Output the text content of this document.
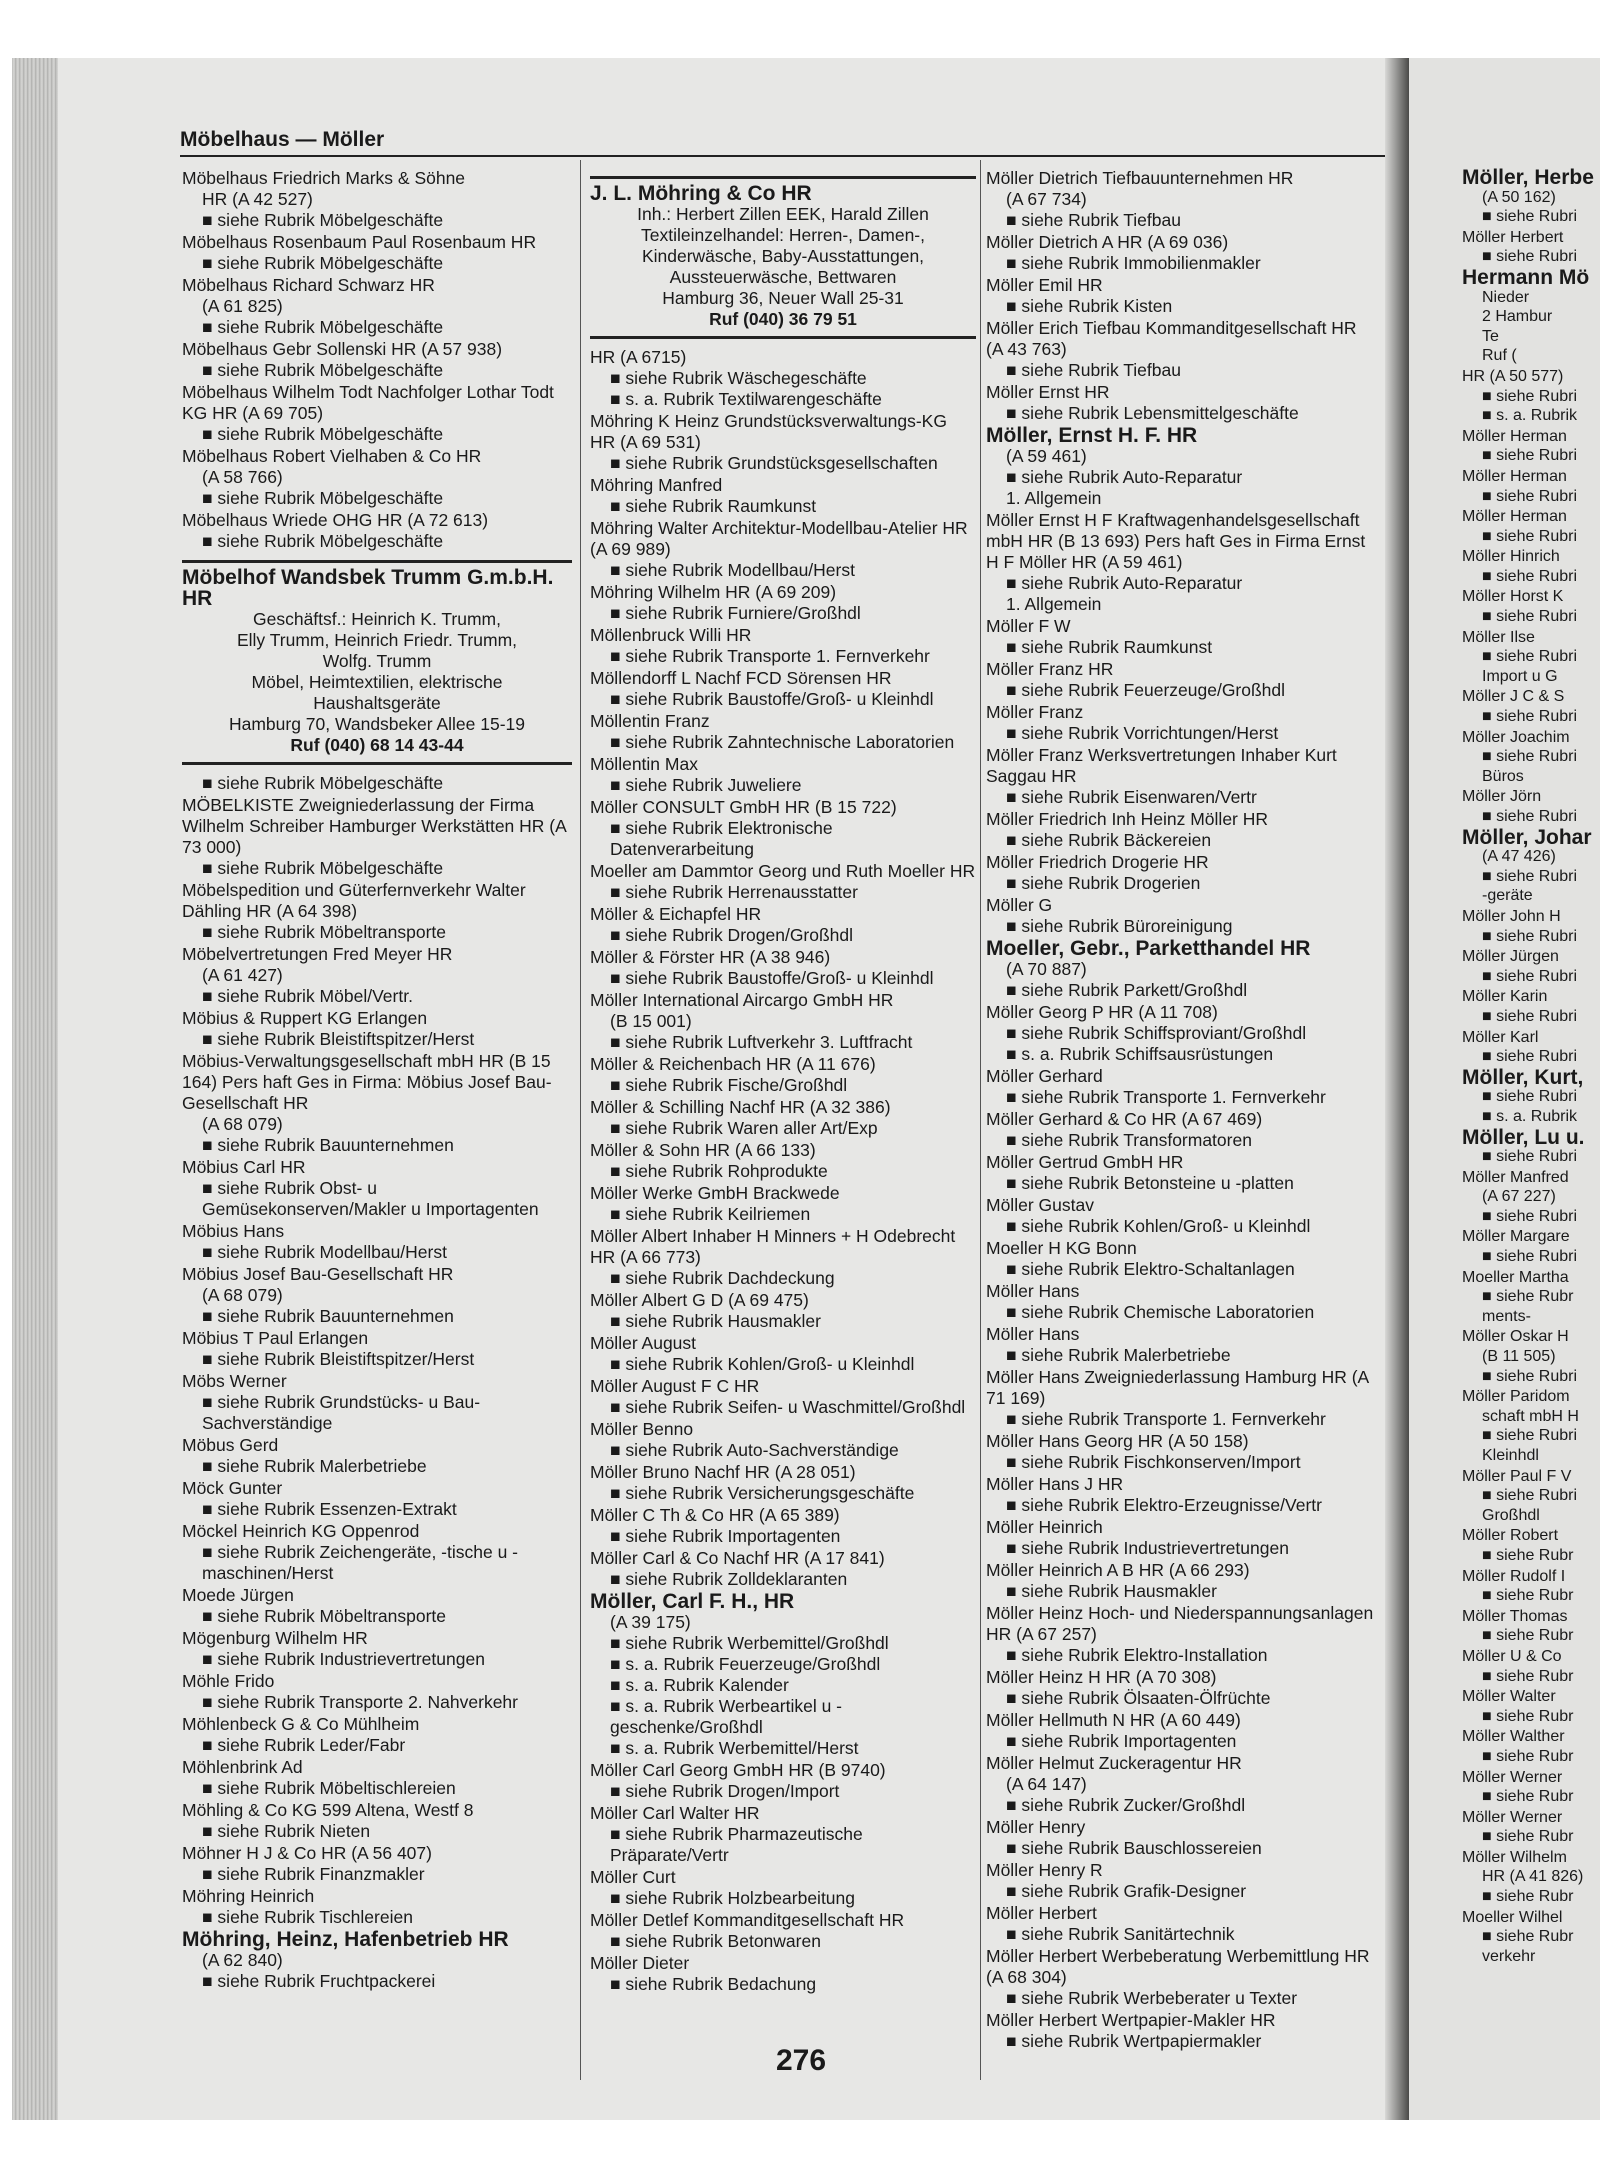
Möbelhaus — Möller
Möbelhaus Friedrich Marks & Söhne
HR (A 42 527)
■ siehe Rubrik Möbelgeschäfte
Möbelhaus Rosenbaum Paul Rosenbaum HR
■ siehe Rubrik Möbelgeschäfte
Möbelhaus Richard Schwarz HR
(A 61 825)
■ siehe Rubrik Möbelgeschäfte
Möbelhaus Gebr Sollenski HR (A 57 938)
■ siehe Rubrik Möbelgeschäfte
Möbelhaus Wilhelm Todt Nachfolger Lothar Todt KG HR (A 69 705)
■ siehe Rubrik Möbelgeschäfte
Möbelhaus Robert Vielhaben & Co HR
(A 58 766)
■ siehe Rubrik Möbelgeschäfte
Möbelhaus Wriede OHG HR (A 72 613)
■ siehe Rubrik Möbelgeschäfte
Möbelhof Wandsbek Trumm G.m.b.H. HR
Geschäftsf.: Heinrich K. Trumm,
Elly Trumm, Heinrich Friedr. Trumm,
Wolfg. Trumm
Möbel, Heimtextilien, elektrische
Haushaltsgeräte
Hamburg 70, Wandsbeker Allee 15-19
Ruf (040) 68 14 43-44
■ siehe Rubrik Möbelgeschäfte
MÖBELKISTE Zweigniederlassung der Firma Wilhelm Schreiber Hamburger Werkstätten HR (A 73 000)
■ siehe Rubrik Möbelgeschäfte
Möbelspedition und Güterfernverkehr Walter Dähling HR (A 64 398)
■ siehe Rubrik Möbeltransporte
Möbelvertretungen Fred Meyer HR
(A 61 427)
■ siehe Rubrik Möbel/Vertr.
Möbius & Ruppert KG Erlangen
■ siehe Rubrik Bleistiftspitzer/Herst
Möbius-Verwaltungsgesellschaft mbH HR (B 15 164) Pers haft Ges in Firma: Möbius Josef Bau-Gesellschaft HR
(A 68 079)
■ siehe Rubrik Bauunternehmen
Möbius Carl HR
■ siehe Rubrik Obst- u Gemüsekonserven/Makler u Importagenten
Möbius Hans
■ siehe Rubrik Modellbau/Herst
Möbius Josef Bau-Gesellschaft HR
(A 68 079)
■ siehe Rubrik Bauunternehmen
Möbius T Paul Erlangen
■ siehe Rubrik Bleistiftspitzer/Herst
Möbs Werner
■ siehe Rubrik Grundstücks- u Bau-Sachverständige
Möbus Gerd
■ siehe Rubrik Malerbetriebe
Möck Gunter
■ siehe Rubrik Essenzen-Extrakt
Möckel Heinrich KG Oppenrod
■ siehe Rubrik Zeichengeräte, -tische u -maschinen/Herst
Moede Jürgen
■ siehe Rubrik Möbeltransporte
Mögenburg Wilhelm HR
■ siehe Rubrik Industrievertretungen
Möhle Frido
■ siehe Rubrik Transporte 2. Nahverkehr
Möhlenbeck G & Co Mühlheim
■ siehe Rubrik Leder/Fabr
Möhlenbrink Ad
■ siehe Rubrik Möbeltischlereien
Möhling & Co KG 599 Altena, Westf 8
■ siehe Rubrik Nieten
Möhner H J & Co HR (A 56 407)
■ siehe Rubrik Finanzmakler
Möhring Heinrich
■ siehe Rubrik Tischlereien
Möhring, Heinz, Hafenbetrieb HR
(A 62 840)
■ siehe Rubrik Fruchtpackerei
J. L. Möhring & Co HR
Inh.: Herbert Zillen EEK, Harald Zillen
Textileinzelhandel: Herren-, Damen-,
Kinderwäsche, Baby-Ausstattungen,
Aussteuerwäsche, Bettwaren
Hamburg 36, Neuer Wall 25-31
Ruf (040) 36 79 51
HR (A 6715)
■ siehe Rubrik Wäschegeschäfte
■ s. a. Rubrik Textilwarengeschäfte
Möhring K Heinz Grundstücksverwaltungs-KG HR (A 69 531)
■ siehe Rubrik Grundstücksgesellschaften
Möhring Manfred
■ siehe Rubrik Raumkunst
Möhring Walter Architektur-Modellbau-Atelier HR (A 69 989)
■ siehe Rubrik Modellbau/Herst
Möhring Wilhelm HR (A 69 209)
■ siehe Rubrik Furniere/Großhdl
Möllenbruck Willi HR
■ siehe Rubrik Transporte 1. Fernverkehr
Möllendorff L Nachf FCD Sörensen HR
■ siehe Rubrik Baustoffe/Groß- u Kleinhdl
Möllentin Franz
■ siehe Rubrik Zahntechnische Laboratorien
Möllentin Max
■ siehe Rubrik Juweliere
Möller CONSULT GmbH HR (B 15 722)
■ siehe Rubrik Elektronische Datenverarbeitung
Moeller am Dammtor Georg und Ruth Moeller HR
■ siehe Rubrik Herrenausstatter
Möller & Eichapfel HR
■ siehe Rubrik Drogen/Großhdl
Möller & Förster HR (A 38 946)
■ siehe Rubrik Baustoffe/Groß- u Kleinhdl
Möller International Aircargo GmbH HR
(B 15 001)
■ siehe Rubrik Luftverkehr 3. Luftfracht
Möller & Reichenbach HR (A 11 676)
■ siehe Rubrik Fische/Großhdl
Möller & Schilling Nachf HR (A 32 386)
■ siehe Rubrik Waren aller Art/Exp
Möller & Sohn HR (A 66 133)
■ siehe Rubrik Rohprodukte
Möller Werke GmbH Brackwede
■ siehe Rubrik Keilriemen
Möller Albert Inhaber H Minners + H Odebrecht HR (A 66 773)
■ siehe Rubrik Dachdeckung
Möller Albert G D (A 69 475)
■ siehe Rubrik Hausmakler
Möller August
■ siehe Rubrik Kohlen/Groß- u Kleinhdl
Möller August F C HR
■ siehe Rubrik Seifen- u Waschmittel/Großhdl
Möller Benno
■ siehe Rubrik Auto-Sachverständige
Möller Bruno Nachf HR (A 28 051)
■ siehe Rubrik Versicherungsgeschäfte
Möller C Th & Co HR (A 65 389)
■ siehe Rubrik Importagenten
Möller Carl & Co Nachf HR (A 17 841)
■ siehe Rubrik Zolldeklaranten
Möller, Carl F. H., HR
(A 39 175)
■ siehe Rubrik Werbemittel/Großhdl
■ s. a. Rubrik Feuerzeuge/Großhdl
■ s. a. Rubrik Kalender
■ s. a. Rubrik Werbeartikel u -geschenke/Großhdl
■ s. a. Rubrik Werbemittel/Herst
Möller Carl Georg GmbH HR (B 9740)
■ siehe Rubrik Drogen/Import
Möller Carl Walter HR
■ siehe Rubrik Pharmazeutische Präparate/Vertr
Möller Curt
■ siehe Rubrik Holzbearbeitung
Möller Detlef Kommanditgesellschaft HR
■ siehe Rubrik Betonwaren
Möller Dieter
■ siehe Rubrik Bedachung
Möller Dietrich Tiefbauunternehmen HR
(A 67 734)
■ siehe Rubrik Tiefbau
Möller Dietrich A HR (A 69 036)
■ siehe Rubrik Immobilienmakler
Möller Emil HR
■ siehe Rubrik Kisten
Möller Erich Tiefbau Kommanditgesellschaft HR (A 43 763)
■ siehe Rubrik Tiefbau
Möller Ernst HR
■ siehe Rubrik Lebensmittelgeschäfte
Möller, Ernst H. F. HR
(A 59 461)
■ siehe Rubrik Auto-Reparatur
1. Allgemein
Möller Ernst H F Kraftwagenhandelsgesellschaft mbH HR (B 13 693) Pers haft Ges in Firma Ernst H F Möller HR (A 59 461)
■ siehe Rubrik Auto-Reparatur
1. Allgemein
Möller F W
■ siehe Rubrik Raumkunst
Möller Franz HR
■ siehe Rubrik Feuerzeuge/Großhdl
Möller Franz
■ siehe Rubrik Vorrichtungen/Herst
Möller Franz Werksvertretungen Inhaber Kurt Saggau HR
■ siehe Rubrik Eisenwaren/Vertr
Möller Friedrich Inh Heinz Möller HR
■ siehe Rubrik Bäckereien
Möller Friedrich Drogerie HR
■ siehe Rubrik Drogerien
Möller G
■ siehe Rubrik Büroreinigung
Moeller, Gebr., Parketthandel HR
(A 70 887)
■ siehe Rubrik Parkett/Großhdl
Möller Georg P HR (A 11 708)
■ siehe Rubrik Schiffsproviant/Großhdl
■ s. a. Rubrik Schiffsausrüstungen
Möller Gerhard
■ siehe Rubrik Transporte 1. Fernverkehr
Möller Gerhard & Co HR (A 67 469)
■ siehe Rubrik Transformatoren
Möller Gertrud GmbH HR
■ siehe Rubrik Betonsteine u -platten
Möller Gustav
■ siehe Rubrik Kohlen/Groß- u Kleinhdl
Moeller H KG Bonn
■ siehe Rubrik Elektro-Schaltanlagen
Möller Hans
■ siehe Rubrik Chemische Laboratorien
Möller Hans
■ siehe Rubrik Malerbetriebe
Möller Hans Zweigniederlassung Hamburg HR (A 71 169)
■ siehe Rubrik Transporte 1. Fernverkehr
Möller Hans Georg HR (A 50 158)
■ siehe Rubrik Fischkonserven/Import
Möller Hans J HR
■ siehe Rubrik Elektro-Erzeugnisse/Vertr
Möller Heinrich
■ siehe Rubrik Industrievertretungen
Möller Heinrich A B HR (A 66 293)
■ siehe Rubrik Hausmakler
Möller Heinz Hoch- und Niederspannungsanlagen HR (A 67 257)
■ siehe Rubrik Elektro-Installation
Möller Heinz H HR (A 70 308)
■ siehe Rubrik Ölsaaten-Ölfrüchte
Möller Hellmuth N HR (A 60 449)
■ siehe Rubrik Importagenten
Möller Helmut Zuckeragentur HR
(A 64 147)
■ siehe Rubrik Zucker/Großhdl
Möller Henry
■ siehe Rubrik Bauschlossereien
Möller Henry R
■ siehe Rubrik Grafik-Designer
Möller Herbert
■ siehe Rubrik Sanitärtechnik
Möller Herbert Werbeberatung Werbemittlung HR (A 68 304)
■ siehe Rubrik Werbeberater u Texter
Möller Herbert Wertpapier-Makler HR
■ siehe Rubrik Wertpapiermakler
Möller, Herbe
(A 50 162)
■ siehe Rubri
Möller Herbert
■ siehe Rubri
Hermann Mö
Nieder
2 Hambur
Te
Ruf (
HR (A 50 577)
■ siehe Rubri
■ s. a. Rubrik
Möller Herman
■ siehe Rubri
Möller Herman
■ siehe Rubri
Möller Herman
■ siehe Rubri
Möller Hinrich
■ siehe Rubri
Möller Horst K
■ siehe Rubri
Möller Ilse
■ siehe Rubri
Import u G
Möller J C & S
■ siehe Rubri
Möller Joachim
■ siehe Rubri
Büros
Möller Jörn
■ siehe Rubri
Möller, Johar
(A 47 426)
■ siehe Rubri
-geräte
Möller John H
■ siehe Rubri
Möller Jürgen
■ siehe Rubri
Möller Karin
■ siehe Rubri
Möller Karl
■ siehe Rubri
Möller, Kurt,
■ siehe Rubri
■ s. a. Rubrik
Möller, Lu u.
■ siehe Rubri
Möller Manfred
(A 67 227)
■ siehe Rubri
Möller Margare
■ siehe Rubri
Moeller Martha
■ siehe Rubr
ments-
Möller Oskar H
(B 11 505)
■ siehe Rubri
Möller Paridom
schaft mbH H
■ siehe Rubri
Kleinhdl
Möller Paul F V
■ siehe Rubri
Großhdl
Möller Robert
■ siehe Rubr
Möller Rudolf I
■ siehe Rubr
Möller Thomas
■ siehe Rubr
Möller U & Co
■ siehe Rubr
Möller Walter
■ siehe Rubr
Möller Walther
■ siehe Rubr
Möller Werner
■ siehe Rubr
Möller Werner
■ siehe Rubr
Möller Wilhelm
HR (A 41 826)
■ siehe Rubr
Moeller Wilhel
■ siehe Rubr
verkehr
276
